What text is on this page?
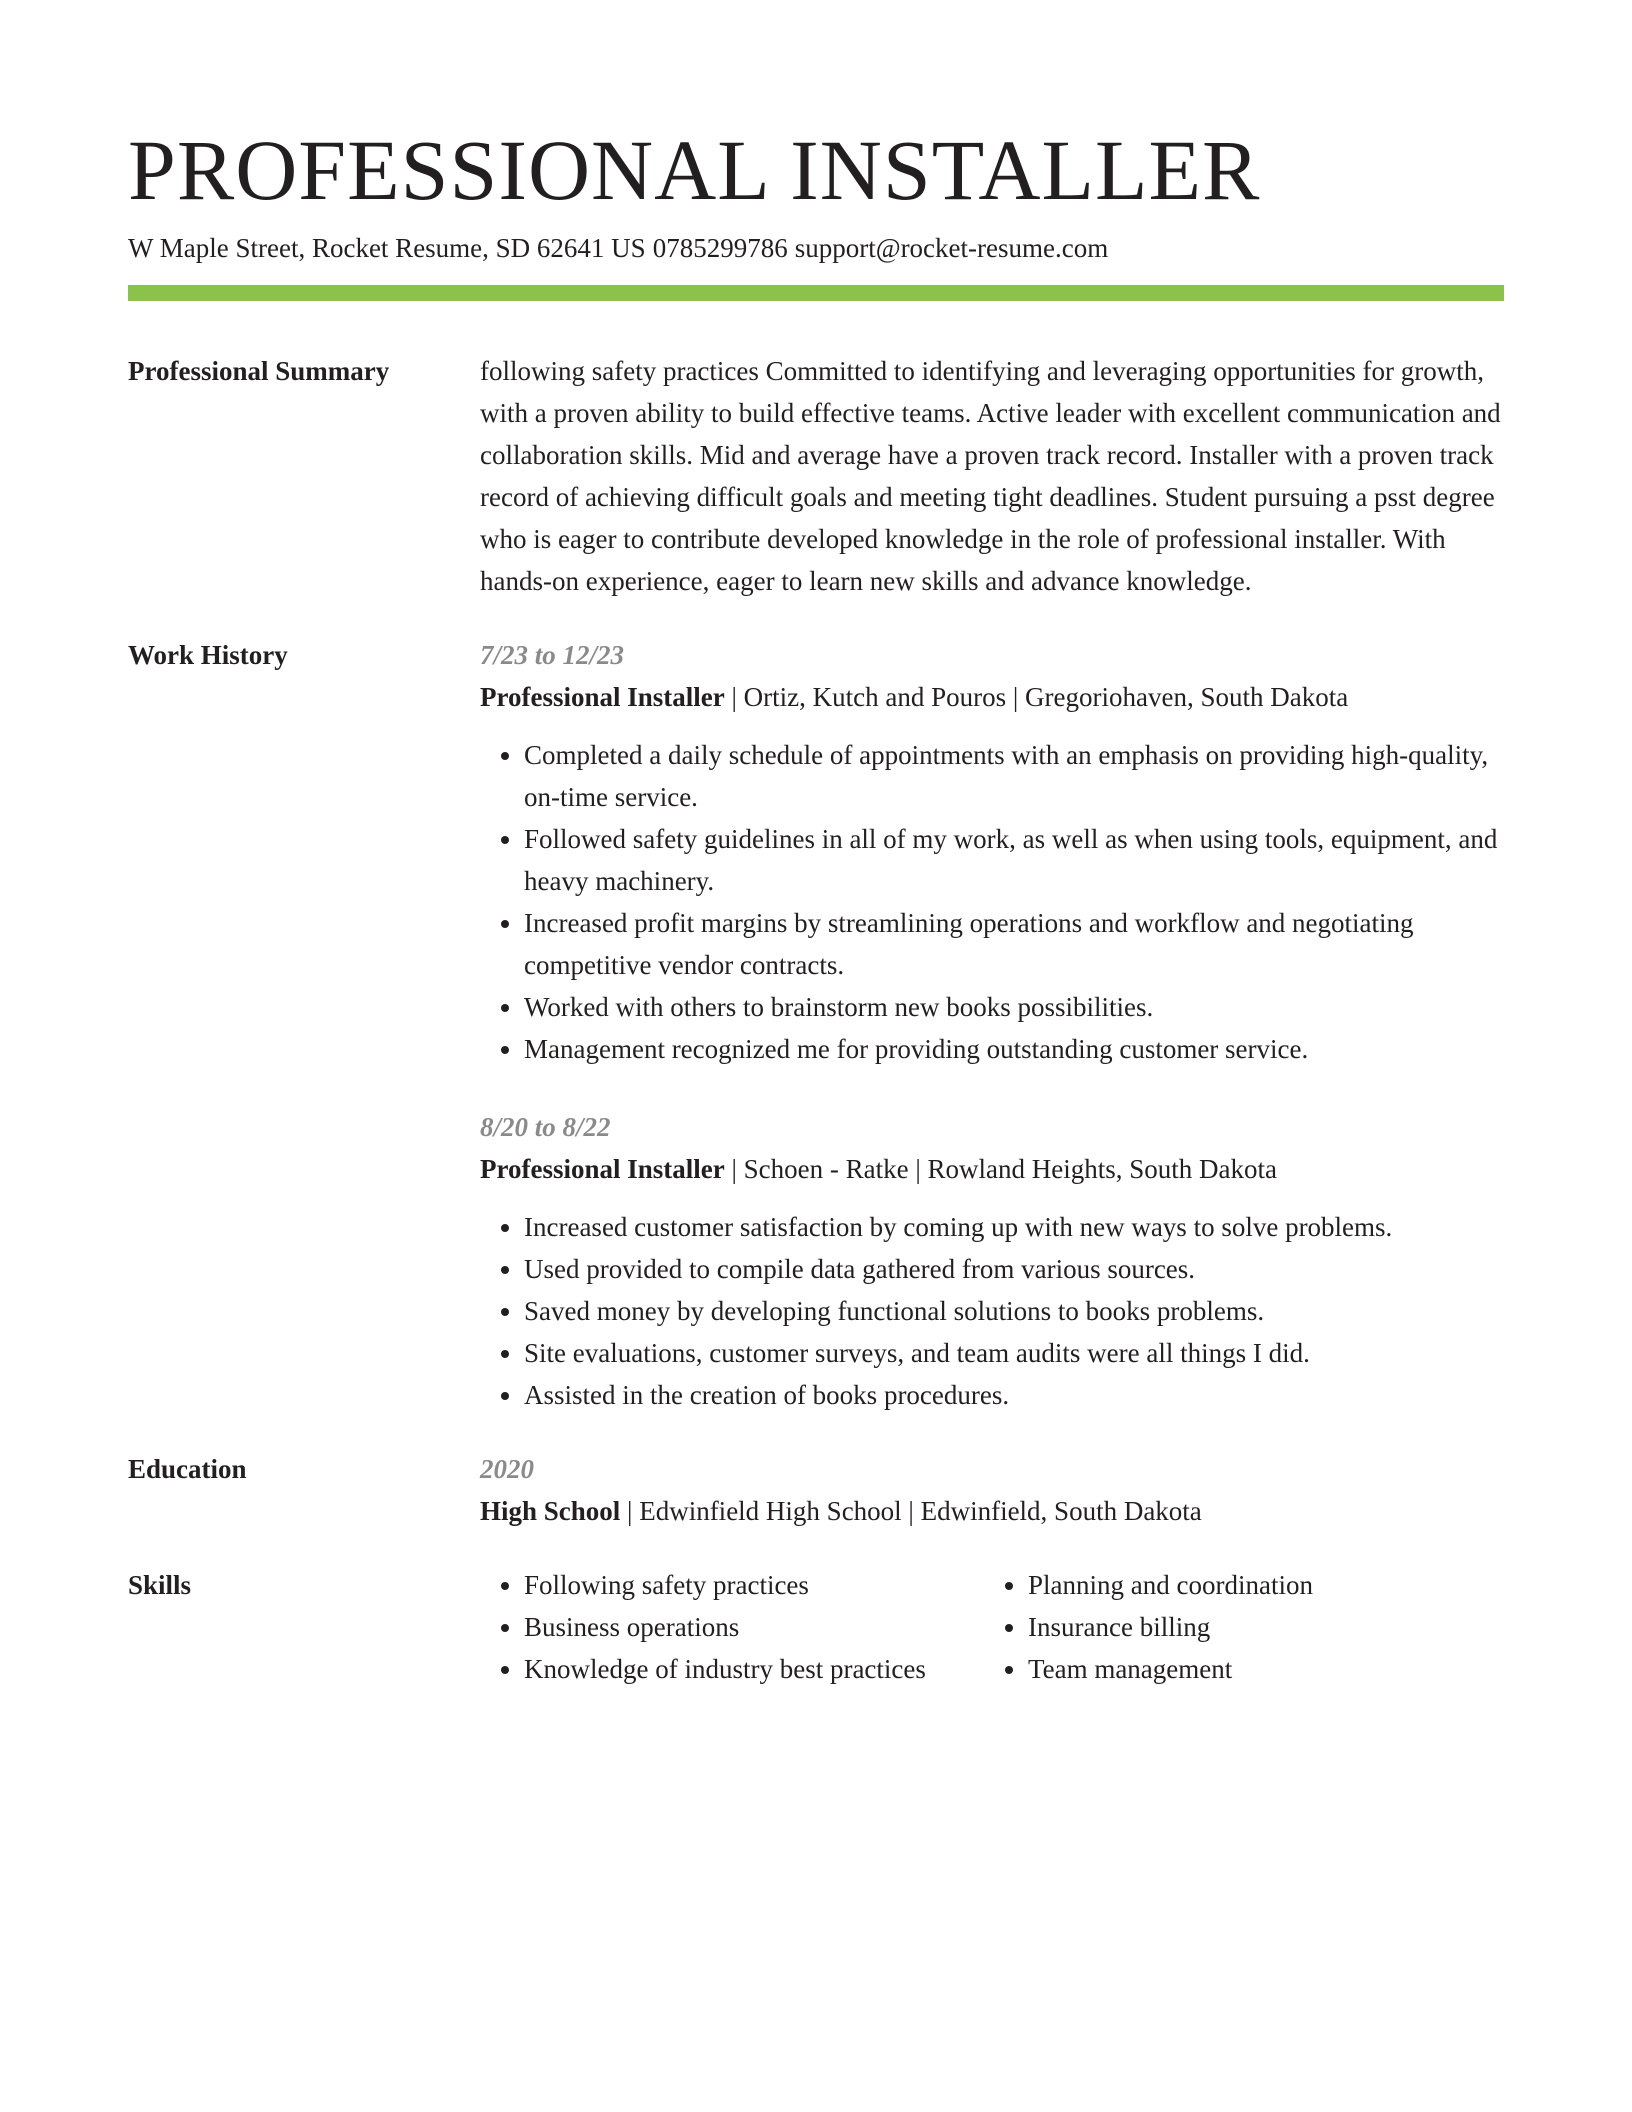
PROFESSIONAL INSTALLER
W Maple Street, Rocket Resume, SD 62641 US 0785299786 support@rocket-resume.com
Professional Summary	following safety practices Committed to identifying and leveraging opportunities for growth, with a proven ability to build effective teams. Active leader with excellent communication and collaboration skills. Mid and average have a proven track record. Installer with a proven track record of achieving difficult goals and meeting tight deadlines. Student pursuing a psst degree who is eager to contribute developed knowledge in the role of professional installer. With hands-on experience, eager to learn new skills and advance knowledge.

Work History	7/23 to 12/23
Professional Installer | Ortiz, Kutch and Pouros | Gregoriohaven, South Dakota
• Completed a daily schedule of appointments with an emphasis on providing high-quality, on-time service.
• Followed safety guidelines in all of my work, as well as when using tools, equipment, and heavy machinery.
• Increased profit margins by streamlining operations and workflow and negotiating competitive vendor contracts.
• Worked with others to brainstorm new books possibilities.
• Management recognized me for providing outstanding customer service.
8/20 to 8/22
Professional Installer | Schoen - Ratke | Rowland Heights, South Dakota
• Increased customer satisfaction by coming up with new ways to solve problems.
• Used provided to compile data gathered from various sources.
• Saved money by developing functional solutions to books problems.
• Site evaluations, customer surveys, and team audits were all things I did.
• Assisted in the creation of books procedures.
Education	2020
High School | Edwinfield High School | Edwinfield, South Dakota
Skills
•	Following safety practices
• Business operations
• Knowledge of industry best practices
• Planning and coordination
• Insurance billing
• Team management
